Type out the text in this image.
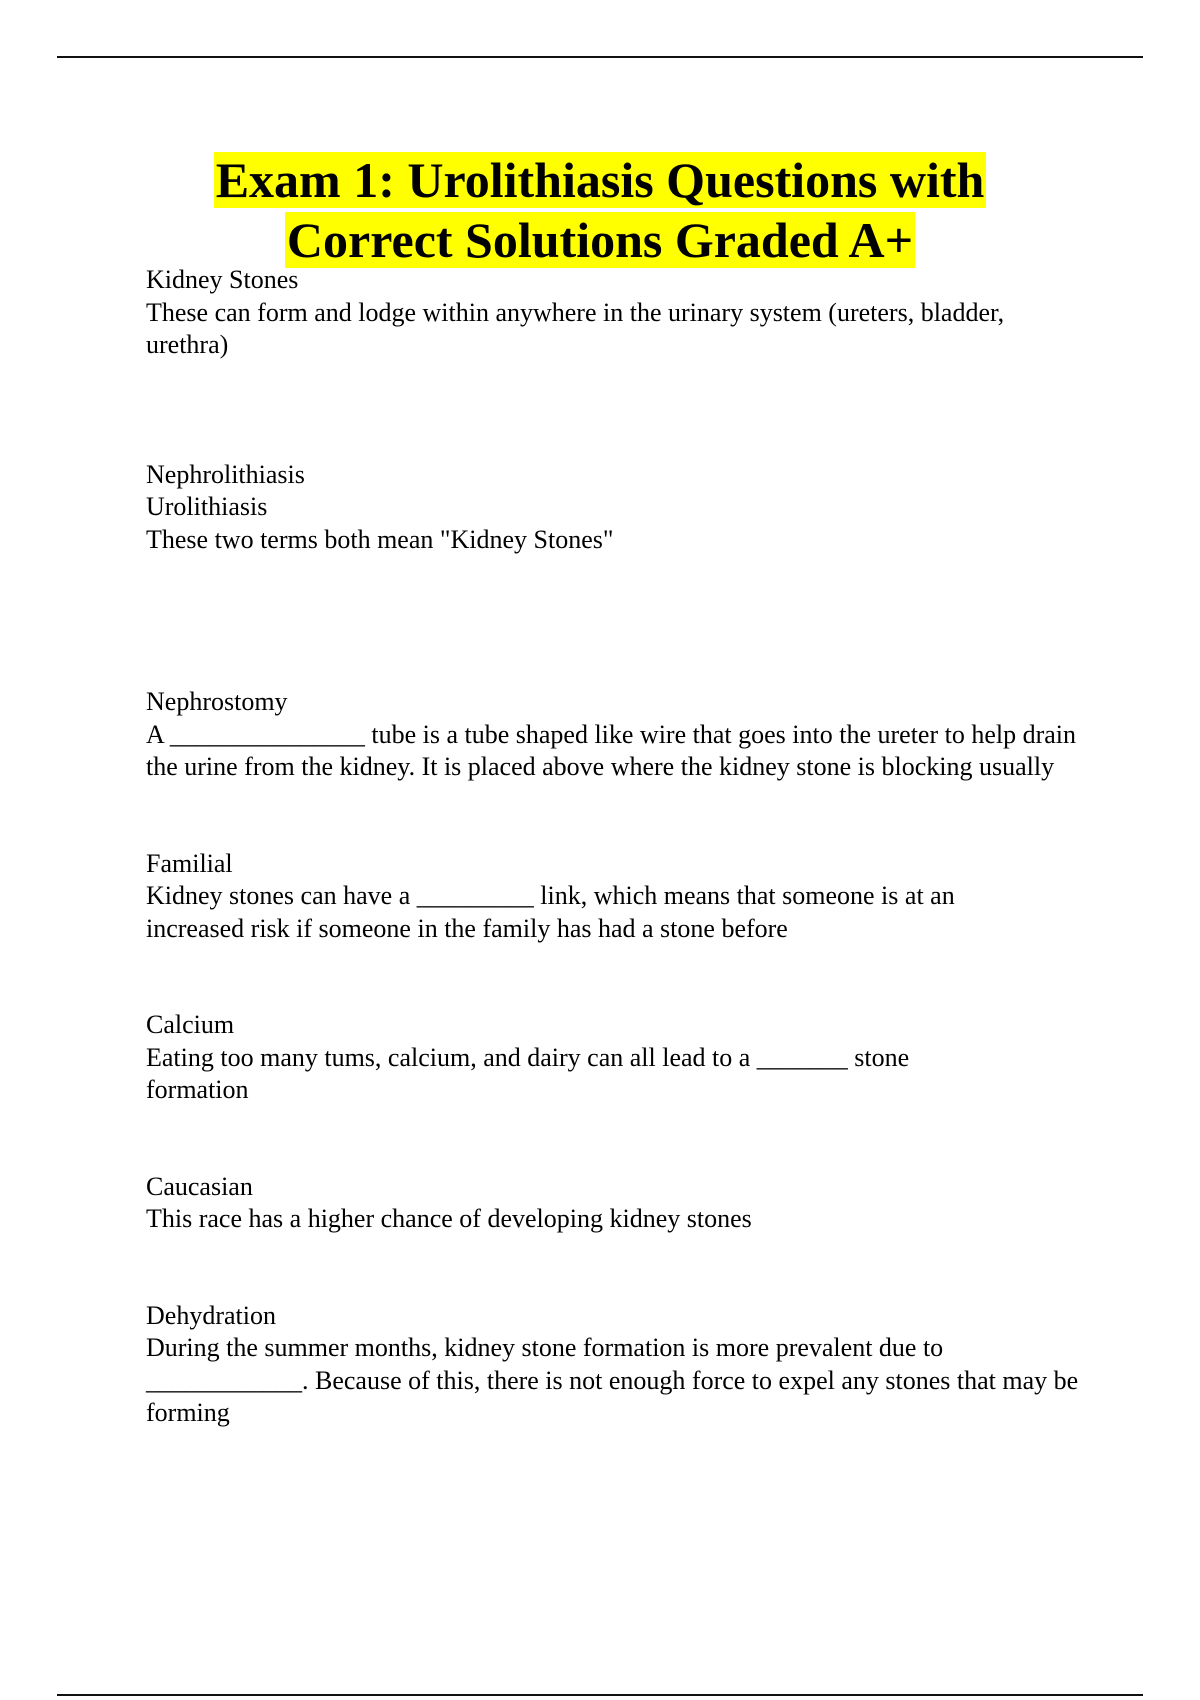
Exam 1: Urolithiasis Questions with
Correct Solutions Graded A+

Kidney Stones

These can form and lodge within anywhere in the urinary system (ureters, bladder, urethra)

Nephrolithiasis

Urolithiasis

These two terms both mean "Kidney Stones"

Nephrostomy

A _______________ tube is a tube shaped like wire that goes into the ureter to help drain the urine from the kidney. It is placed above where the kidney stone is blocking usually

Familial

Kidney stones can have a _________ link, which means that someone is at an increased risk if someone in the family has had a stone before

Calcium

Eating too many tums, calcium, and dairy can all lead to a _______ stone formation

Caucasian

This race has a higher chance of developing kidney stones

Dehydration

During the summer months, kidney stone formation is more prevalent due to ____________. Because of this, there is not enough force to expel any stones that may be forming
